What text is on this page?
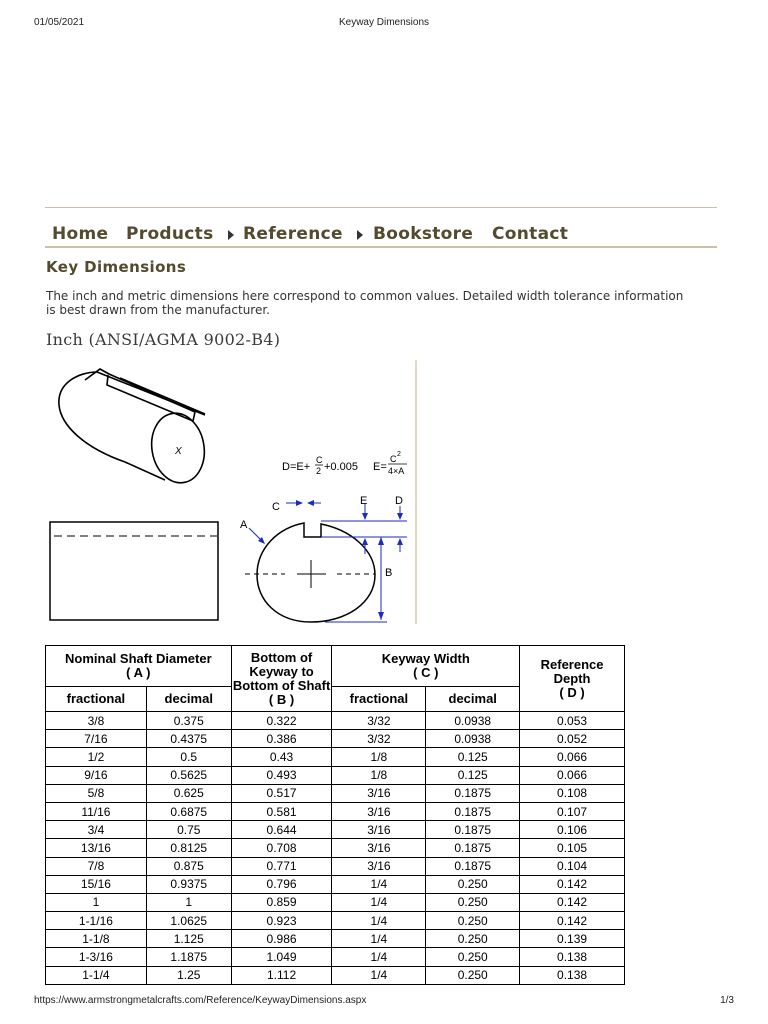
01/05/2021	Keyway Dimensions
Home Products Reference Bookstore Contact
Key Dimensions
The inch and metric dimensions here correspond to common values. Detailed width tolerance information is best drawn from the manufacturer.
Inch (ANSI/AGMA 9002-B4)
X
D=E+
C
2 +0.005 E=
C 2
4×A
C	E	D
A
B
Nominal Shaft Diameter
( A )		Bottom of
Keyway to
Bottom of Shaft
( B )	Keyway Width
( C )		Reference
Depth
( D )
fractional	decimal		fractional	decimal	
3/8	0.375	0.322	3/32	0.0938	0.053
7/16	0.4375	0.386	3/32	0.0938	0.052
1/2	0.5	0.43	1/8	0.125	0.066
9/16	0.5625	0.493	1/8	0.125	0.066
5/8	0.625	0.517	3/16	0.1875	0.108
11/16	0.6875	0.581	3/16	0.1875	0.107
3/4	0.75	0.644	3/16	0.1875	0.106
13/16	0.8125	0.708	3/16	0.1875	0.105
7/8	0.875	0.771	3/16	0.1875	0.104
15/16	0.9375	0.796	1/4	0.250	0.142
1	1	0.859	1/4	0.250	0.142
1-1/16	1.0625	0.923	1/4	0.250	0.142
1-1/8	1.125	0.986	1/4	0.250	0.139
1-3/16	1.1875	1.049	1/4	0.250	0.138
1-1/4	1.25	1.112	1/4	0.250	0.138
https://www.armstrongmetalcrafts.com/Reference/KeywayDimensions.aspx	1/3
